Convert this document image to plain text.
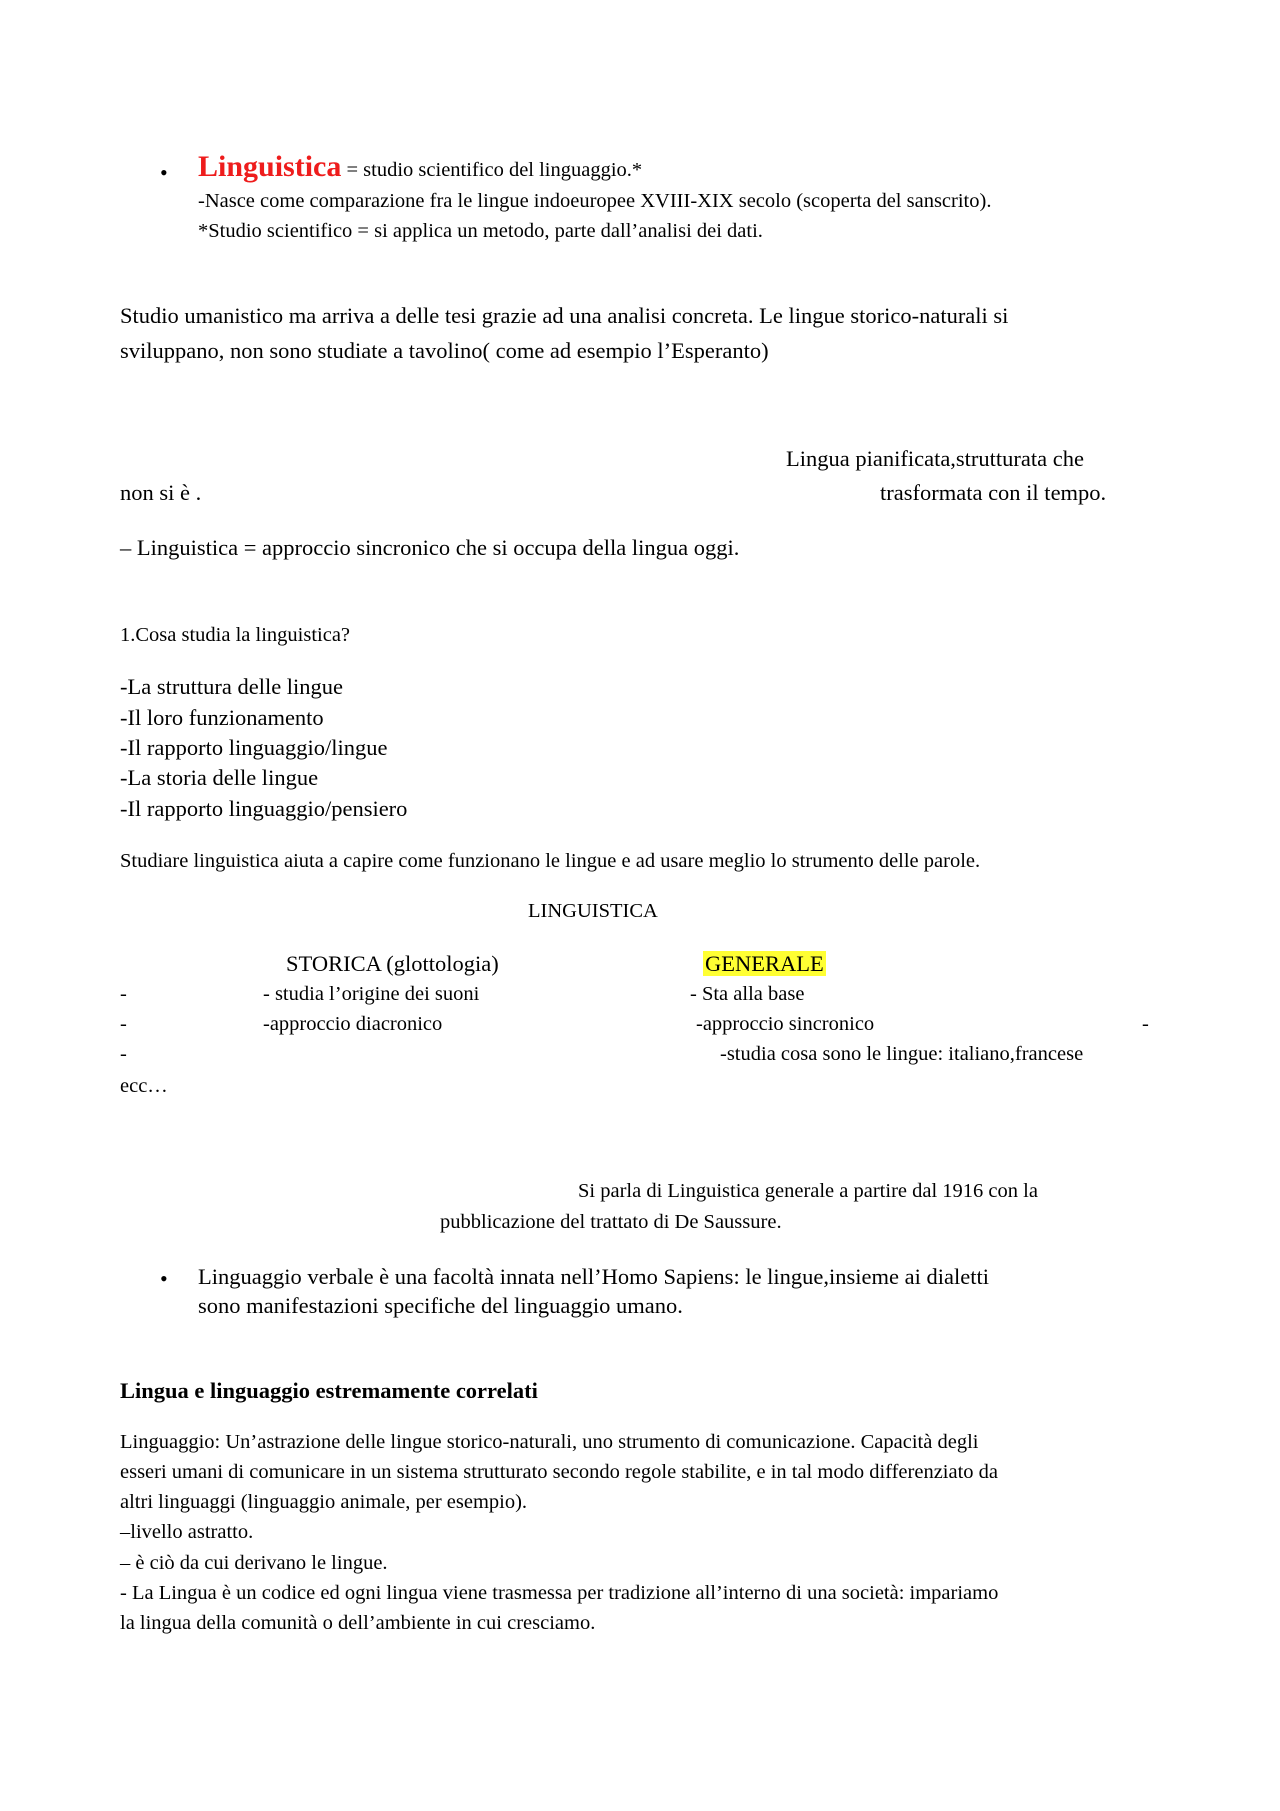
• Linguistica = studio scientifico del linguaggio.*
-Nasce come comparazione fra le lingue indoeuropee XVIII-XIX secolo (scoperta del sanscrito).
*Studio scientifico = si applica un metodo, parte dall’analisi dei dati.
Studio umanistico ma arriva a delle tesi grazie ad una analisi concreta. Le lingue storico-naturali si
sviluppano, non sono studiate a tavolino( come ad esempio l’Esperanto)
Lingua pianificata,strutturata che
non si è .	trasformata con il tempo.
– Linguistica = approccio sincronico che si occupa della lingua oggi.
1.Cosa studia la linguistica?
-La struttura delle lingue
-Il loro funzionamento
-Il rapporto linguaggio/lingue
-La storia delle lingue
-Il rapporto linguaggio/pensiero
Studiare linguistica aiuta a capire come funzionano le lingue e ad usare meglio lo strumento delle parole.
LINGUISTICA
STORICA (glottologia)	GENERALE
-	- studia l’origine dei suoni	- Sta alla base
-	-approccio diacronico	-approccio sincronico	-
-	-studia cosa sono le lingue: italiano,francese
ecc…
Si parla di Linguistica generale a partire dal 1916 con la
pubblicazione del trattato di De Saussure.
• Linguaggio verbale è una facoltà innata nell’Homo Sapiens: le lingue,insieme ai dialetti
sono manifestazioni specifiche del linguaggio umano.
Lingua e linguaggio estremamente correlati
Linguaggio: Un’astrazione delle lingue storico-naturali, uno strumento di comunicazione. Capacità degli
esseri umani di comunicare in un sistema strutturato secondo regole stabilite, e in tal modo differenziato da
altri linguaggi (linguaggio animale, per esempio).
–livello astratto.
– è ciò da cui derivano le lingue.
- La Lingua è un codice ed ogni lingua viene trasmessa per tradizione all’interno di una società: impariamo
la lingua della comunità o dell’ambiente in cui cresciamo.
